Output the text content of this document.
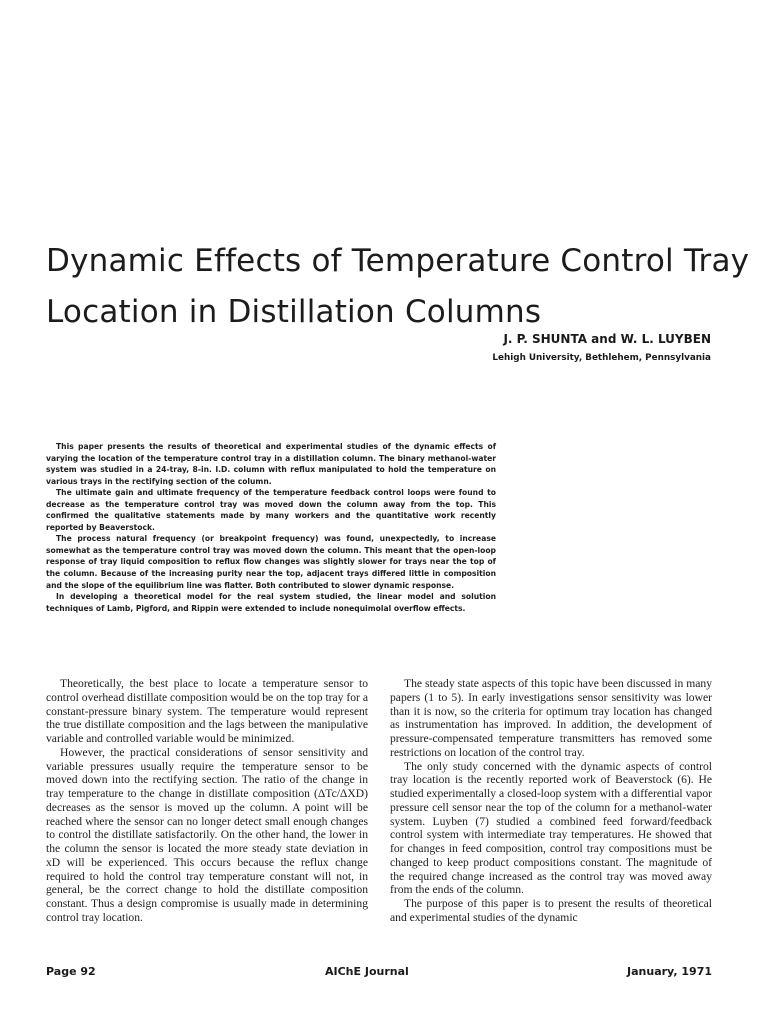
Dynamic Effects of Temperature Control Tray
Location in Distillation Columns
J. P. SHUNTA and W. L. LUYBEN
Lehigh University, Bethlehem, Pennsylvania

This paper presents the results of theoretical and experimental studies of the dynamic effects of varying the location of the temperature control tray in a distillation column. The binary methanol-water system was studied in a 24-tray, 8-in. I.D. column with reflux manipulated to hold the temperature on various trays in the rectifying section of the column.

The ultimate gain and ultimate frequency of the temperature feedback control loops were found to decrease as the temperature control tray was moved down the column away from the top. This confirmed the qualitative statements made by many workers and the quantitative work recently reported by Beaverstock.

The process natural frequency (or breakpoint frequency) was found, unexpectedly, to increase somewhat as the temperature control tray was moved down the column. This meant that the open-loop response of tray liquid composition to reflux flow changes was slightly slower for trays near the top of the column. Because of the increasing purity near the top, adjacent trays differed little in composition and the slope of the equilibrium line was flatter. Both contributed to slower dynamic response.

In developing a theoretical model for the real system studied, the linear model and solution techniques of Lamb, Pigford, and Rippin were extended to include nonequimolal overflow effects.

Theoretically, the best place to locate a temperature sensor to control overhead distillate composition would be on the top tray for a constant-pressure binary system. The temperature would represent the true distillate composition and the lags between the manipulative variable and controlled variable would be minimized.

However, the practical considerations of sensor sensitivity and variable pressures usually require the temperature sensor to be moved down into the rectifying section. The ratio of the change in tray temperature to the change in distillate composition (ΔTc/ΔXD) decreases as the sensor is moved up the column. A point will be reached where the sensor can no longer detect small enough changes to control the distillate satisfactorily. On the other hand, the lower in the column the sensor is located the more steady state deviation in xD will be experienced. This occurs because the reflux change required to hold the control tray temperature constant will not, in general, be the correct change to hold the distillate composition constant. Thus a design compromise is usually made in determining control tray location.

The steady state aspects of this topic have been discussed in many papers (1 to 5). In early investigations sensor sensitivity was lower than it is now, so the criteria for optimum tray location has changed as instrumentation has improved. In addition, the development of pressure-compensated temperature transmitters has removed some restrictions on location of the control tray.

The only study concerned with the dynamic aspects of control tray location is the recently reported work of Beaverstock (6). He studied experimentally a closed-loop system with a differential vapor pressure cell sensor near the top of the column for a methanol-water system. Luyben (7) studied a combined feed forward/feedback control system with intermediate tray temperatures. He showed that for changes in feed composition, control tray compositions must be changed to keep product compositions constant. The magnitude of the required change increased as the control tray was moved away from the ends of the column.

The purpose of this paper is to present the results of theoretical and experimental studies of the dynamic

Page 92	AIChE Journal	January, 1971
